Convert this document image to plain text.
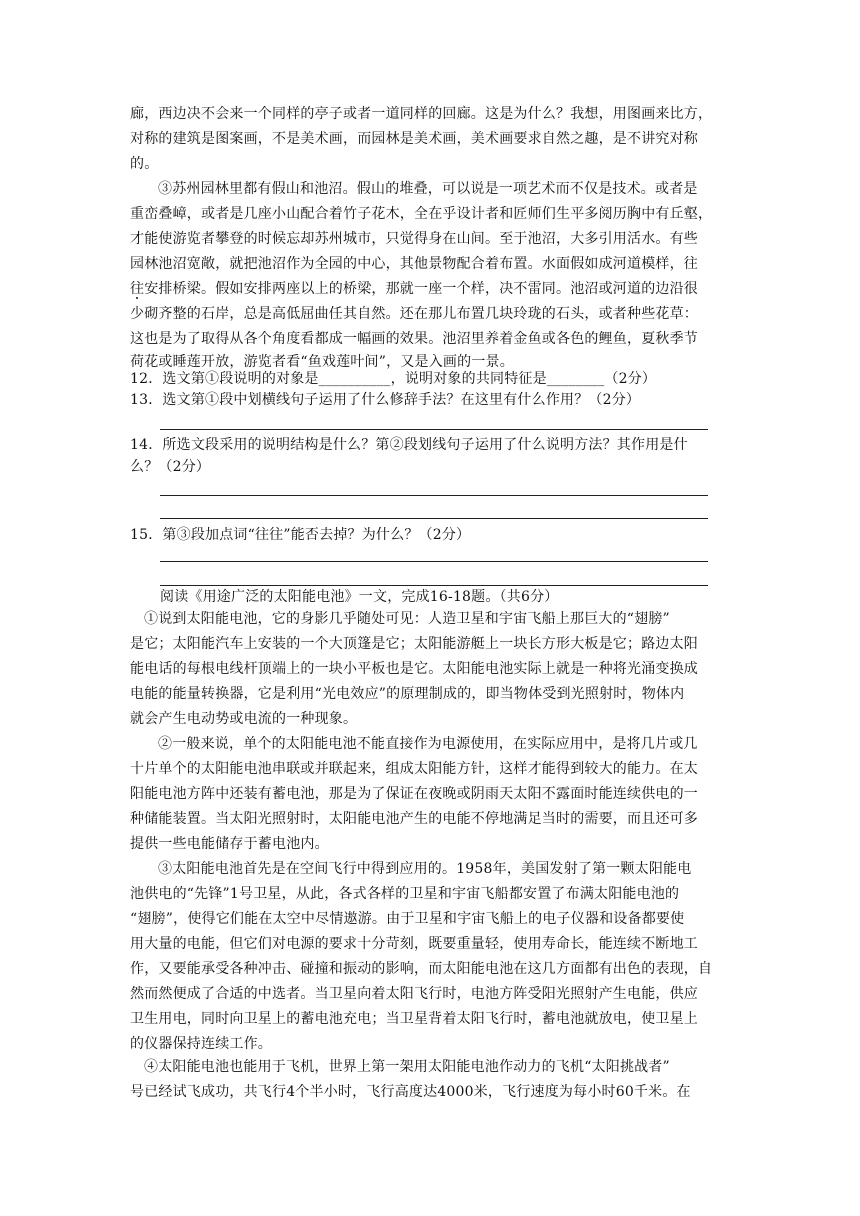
廊，西边决不会来一个同样的亭子或者一道同样的回廊。这是为什么？我想，用图画来比方，
对称的建筑是图案画，不是美术画，而园林是美术画，美术画要求自然之趣，是不讲究对称
的。
③苏州园林里都有假山和池沼。假山的堆叠，可以说是一项艺术而不仅是技术。或者是
重峦叠嶂，或者是几座小山配合着竹子花木，全在乎设计者和匠师们生平多阅历胸中有丘壑，
才能使游览者攀登的时候忘却苏州城市，只觉得身在山间。至于池沼，大多引用活水。有些
园林池沼宽敞，就把池沼作为全园的中心，其他景物配合着布置。水面假如成河道模样，往
往安排桥梁。假如安排两座以上的桥梁，那就一座一个样，决不雷同。池沼或河道的边沿很
少砌齐整的石岸，总是高低屈曲任其自然。还在那儿布置几块玲珑的石头，或者种些花草：
这也是为了取得从各个角度看都成一幅画的效果。池沼里养着金鱼或各色的鲤鱼，夏秋季节
荷花或睡莲开放，游览者看“鱼戏莲叶间”，又是入画的一景。
12．选文第①段说明的对象是__________，说明对象的共同特征是________（2分）
13．选文第①段中划横线句子运用了什么修辞手法？在这里有什么作用？（2分）
14．所选文段采用的说明结构是什么？第②段划线句子运用了什么说明方法？其作用是什
么？（2分）
15．第③段加点词“往往”能否去掉？为什么？（2分）
阅读《用途广泛的太阳能电池》一文，完成16-18题。（共6分）
①说到太阳能电池，它的身影几乎随处可见：人造卫星和宇宙飞船上那巨大的“翅膀”
是它；太阳能汽车上安装的一个大顶篷是它；太阳能游艇上一块长方形大板是它；路边太阳
能电话的每根电线杆顶端上的一块小平板也是它。太阳能电池实际上就是一种将光涌变换成
电能的能量转换器，它是利用“光电效应”的原理制成的，即当物体受到光照射时，物体内
就会产生电动势或电流的一种现象。
②一般来说，单个的太阳能电池不能直接作为电源使用，在实际应用中，是将几片或几
十片单个的太阳能电池串联或并联起来，组成太阳能方针，这样才能得到较大的能力。在太
阳能电池方阵中还装有蓄电池，那是为了保证在夜晚或阴雨天太阳不露面时能连续供电的一
种储能装置。当太阳光照射时，太阳能电池产生的电能不停地满足当时的需要，而且还可多
提供一些电能储存于蓄电池内。
③太阳能电池首先是在空间飞行中得到应用的。1958年，美国发射了第一颗太阳能电
池供电的“先锋”1号卫星，从此，各式各样的卫星和宇宙飞船都安置了布满太阳能电池的
“翅膀”，使得它们能在太空中尽情遨游。由于卫星和宇宙飞船上的电子仪器和设备都要使
用大量的电能，但它们对电源的要求十分苛刻，既要重量轻，使用寿命长，能连续不断地工
作，又要能承受各种冲击、碰撞和振动的影响，而太阳能电池在这几方面都有出色的表现，自
然而然便成了合适的中选者。当卫星向着太阳飞行时，电池方阵受阳光照射产生电能，供应
卫生用电，同时向卫星上的蓄电池充电；当卫星背着太阳飞行时，蓄电池就放电，使卫星上
的仪器保持连续工作。
④太阳能电池也能用于飞机，世界上第一架用太阳能电池作动力的飞机“太阳挑战者”
号已经试飞成功，共飞行4个半小时，飞行高度达4000米，飞行速度为每小时60千米。在
